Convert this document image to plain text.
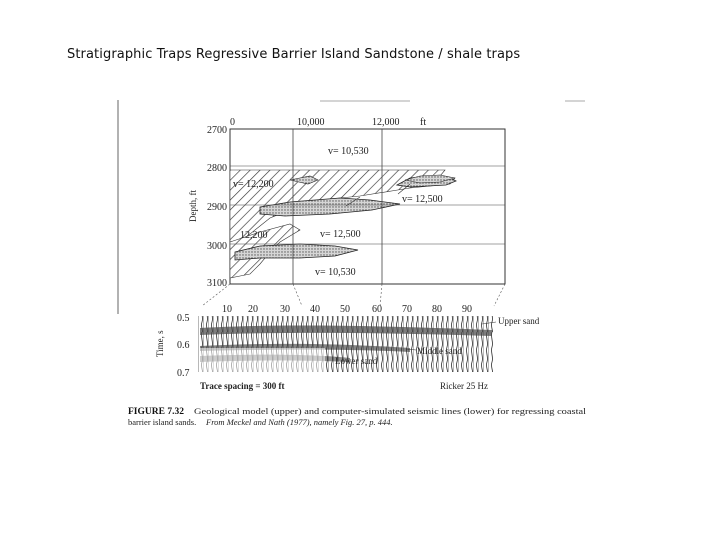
Stratigraphic Traps Regressive Barrier Island Sandstone / shale traps
0	10,000	12,000 ft
2700
2800
2900
3000
3100
Depth, ft
v= 10,530
v= 12,200
v= 12,500
12,200	v= 12,500
v= 10,530
10 20 30 40 50 60 70 80 90
0.5
0.6
0.7
Time, s
Upper sand
Middle sand
Lower sand
Trace spacing = 300 ft	Ricker 25 Hz
FIGURE 7.32 Geological model (upper) and computer-simulated seismic lines (lower) for regressing coastal
barrier island sands. From Meckel and Nath (1977), namely Fig. 27, p. 444.
